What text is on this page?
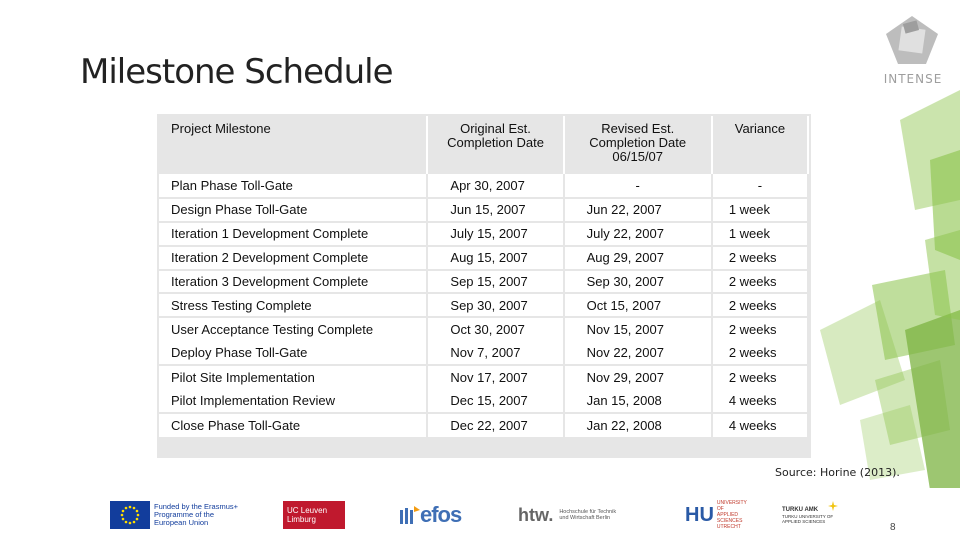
Milestone Schedule	INTENSE
Project Milestone	Original Est. Completion Date	Revised Est. Completion Date 06/15/07	Variance
Plan Phase Toll-Gate	Apr 30, 2007	-	-
Design Phase Toll-Gate	Jun 15, 2007	Jun 22, 2007	1 week
Iteration 1 Development Complete	July 15, 2007	July 22, 2007	1 week
Iteration 2 Development Complete	Aug 15, 2007	Aug 29, 2007	2 weeks
Iteration 3 Development Complete	Sep 15, 2007	Sep 30, 2007	2 weeks
Stress Testing Complete	Sep 30, 2007	Oct 15, 2007	2 weeks
User Acceptance Testing Complete	Oct 30, 2007	Nov 15, 2007	2 weeks
Deploy Phase Toll-Gate	Nov 7, 2007	Nov 22, 2007	2 weeks
Pilot Site Implementation	Nov 17, 2007	Nov 29, 2007	2 weeks
Pilot Implementation Review	Dec 15, 2007	Jan 15, 2008	4 weeks
Close Phase Toll-Gate	Dec 22, 2007	Jan 22, 2008	4 weeks
Source: Horine (2013).
Funded by the Erasmus+ Programme of the European Union
UC Leuven Limburg	efos	htw. Hochschule für Technik und Wirtschaft Berlin	HU
UNIVERSITY OF APPLIED SCIENCES UTRECHT
TURKU AMK
TURKU UNIVERSITY OF APPLIED SCIENCES
8
